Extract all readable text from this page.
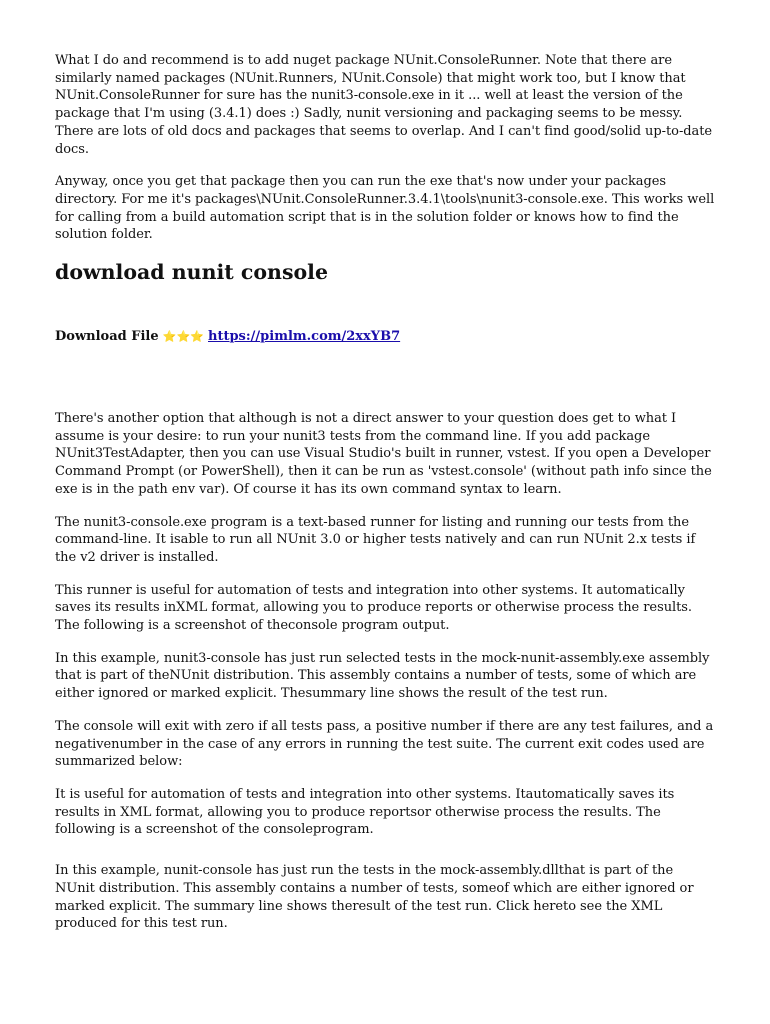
What I do and recommend is to add nuget package NUnit.ConsoleRunner. Note that there are similarly named packages (NUnit.Runners, NUnit.Console) that might work too, but I know that NUnit.ConsoleRunner for sure has the nunit3-console.exe in it ... well at least the version of the package that I'm using (3.4.1) does :) Sadly, nunit versioning and packaging seems to be messy. There are lots of old docs and packages that seems to overlap. And I can't find good/solid up-to-date docs.

Anyway, once you get that package then you can run the exe that's now under your packages directory. For me it's packages\NUnit.ConsoleRunner.3.4.1\tools\nunit3-console.exe. This works well for calling from a build automation script that is in the solution folder or knows how to find the solution folder.

download nunit console
Download File ⭐⭐⭐ https://pimlm.com/2xxYB7

There's another option that although is not a direct answer to your question does get to what I assume is your desire: to run your nunit3 tests from the command line. If you add package NUnit3TestAdapter, then you can use Visual Studio's built in runner, vstest. If you open a Developer Command Prompt (or PowerShell), then it can be run as 'vstest.console' (without path info since the exe is in the path env var). Of course it has its own command syntax to learn.

The nunit3-console.exe program is a text-based runner for listing and running our tests from the command-line. It isable to run all NUnit 3.0 or higher tests natively and can run NUnit 2.x tests if the v2 driver is installed.

This runner is useful for automation of tests and integration into other systems. It automatically saves its results inXML format, allowing you to produce reports or otherwise process the results. The following is a screenshot of theconsole program output.

In this example, nunit3-console has just run selected tests in the mock-nunit-assembly.exe assembly that is part of theNUnit distribution. This assembly contains a number of tests, some of which are either ignored or marked explicit. Thesummary line shows the result of the test run.

The console will exit with zero if all tests pass, a positive number if there are any test failures, and a negativenumber in the case of any errors in running the test suite. The current exit codes used are summarized below:

It is useful for automation of tests and integration into other systems. Itautomatically saves its results in XML format, allowing you to produce reportsor otherwise process the results. The following is a screenshot of the consoleprogram.

In this example, nunit-console has just run the tests in the mock-assembly.dllthat is part of the NUnit distribution. This assembly contains a number of tests, someof which are either ignored or marked explicit. The summary line shows theresult of the test run. Click hereto see the XML produced for this test run.
